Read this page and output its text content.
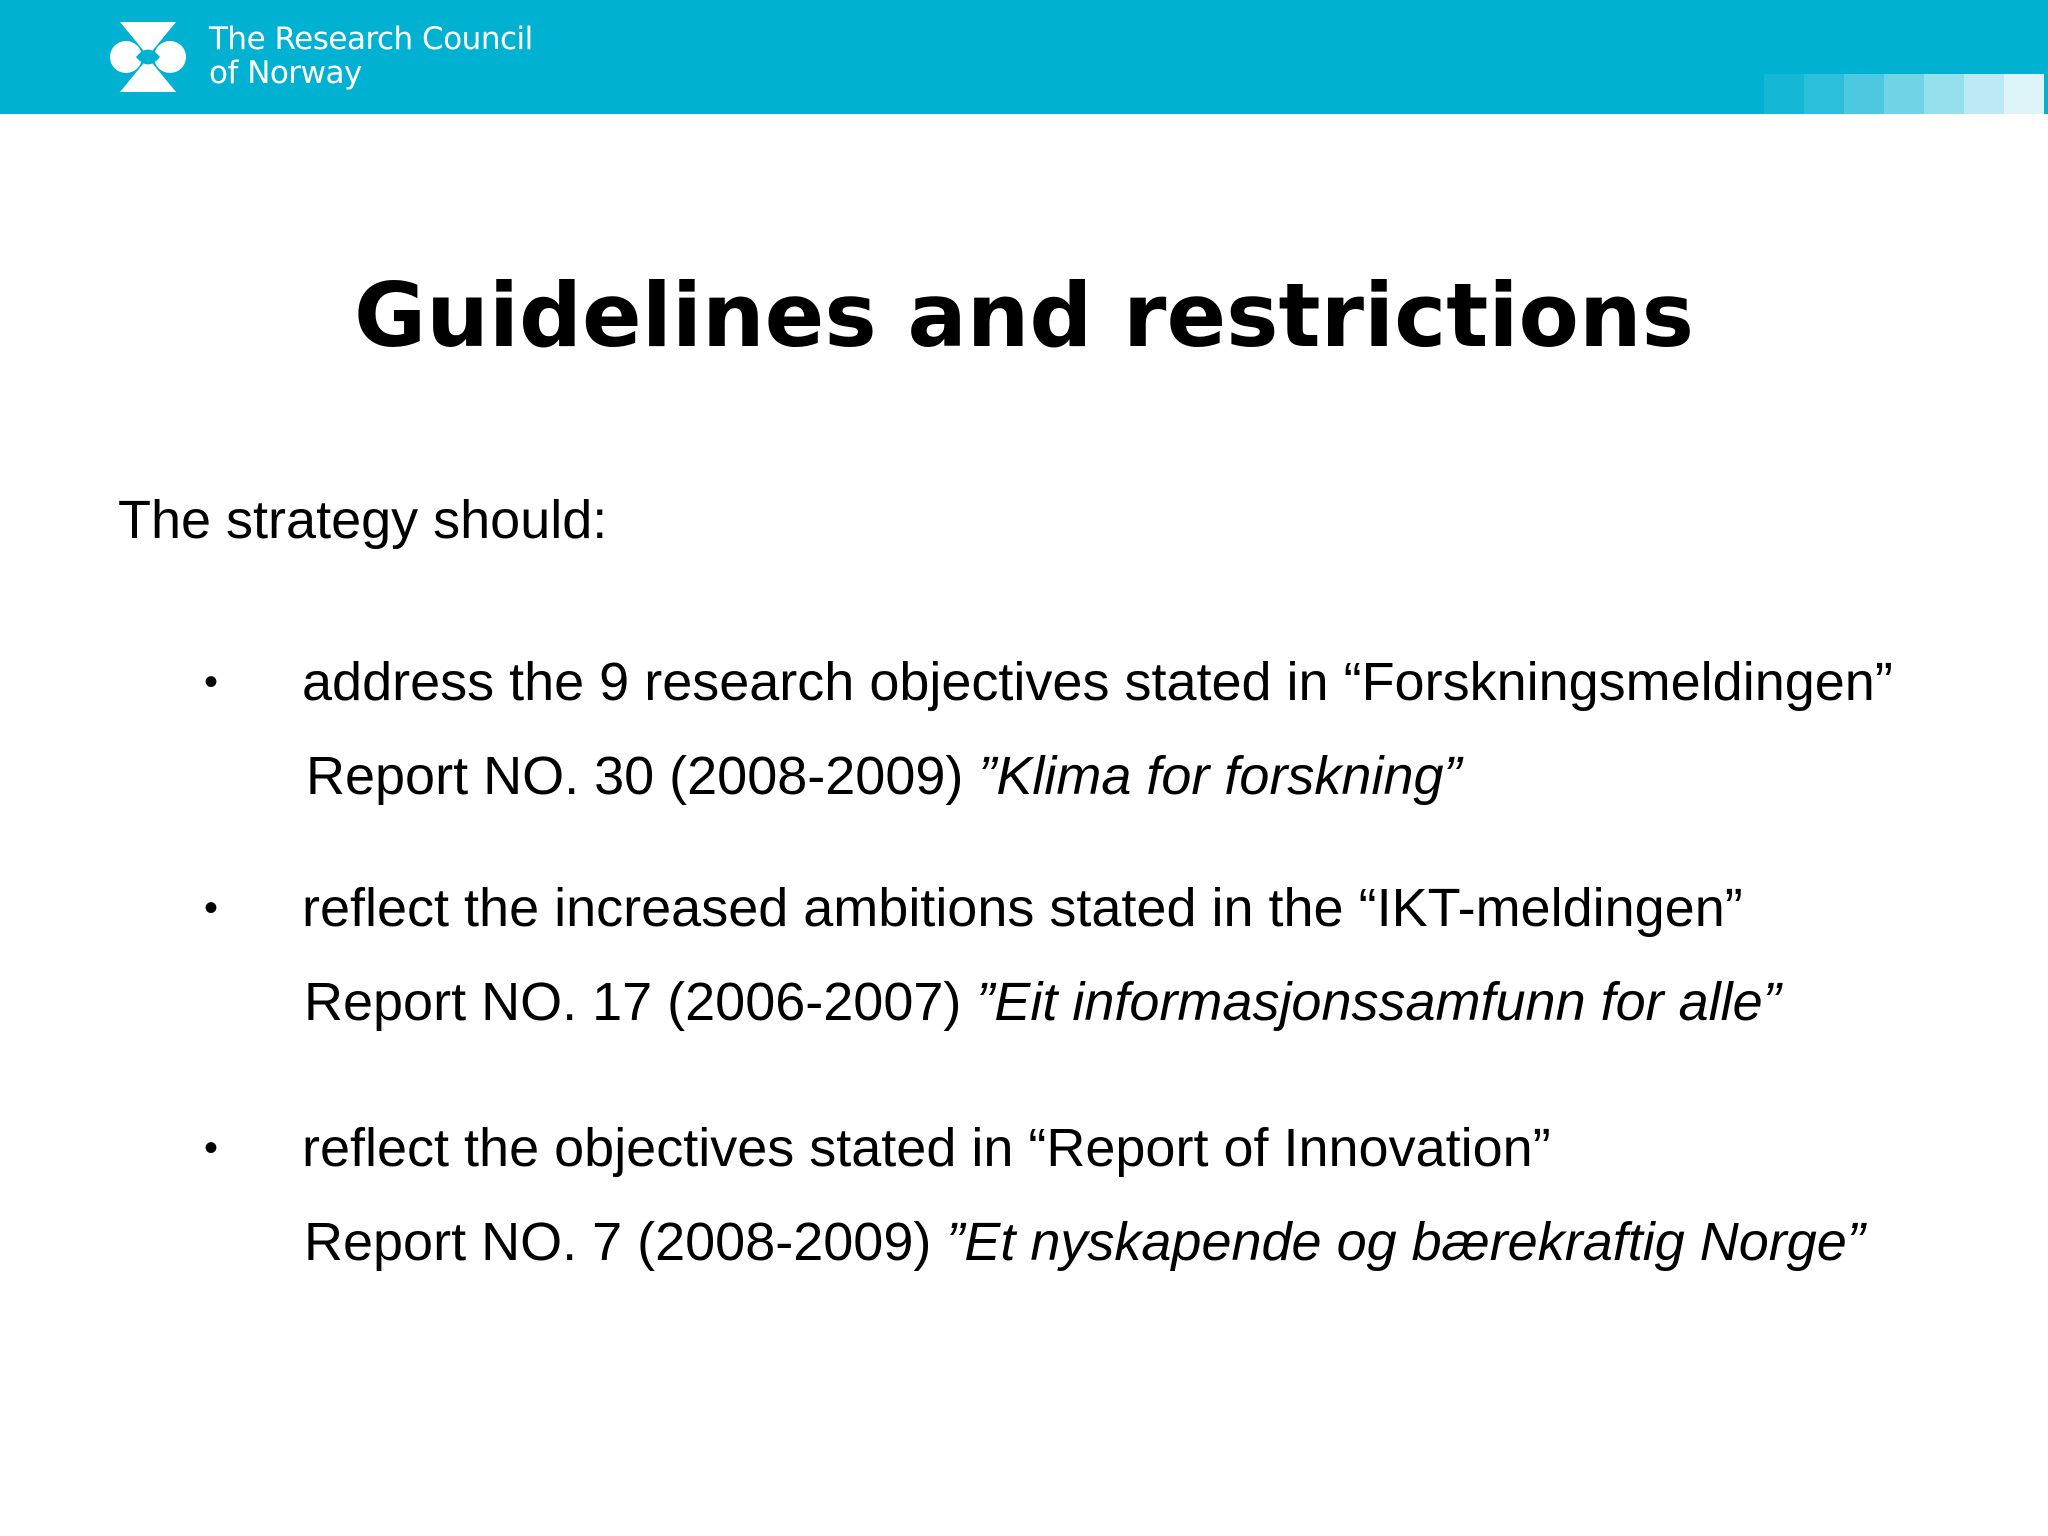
The Research Council
of Norway
Guidelines and restrictions
The strategy should:
• address the 9 research objectives stated in “Forskningsmeldingen”
Report NO. 30 (2008-2009) ”Klima for forskning”
• reflect the increased ambitions stated in the “IKT-meldingen”
Report NO. 17 (2006-2007) ”Eit informasjonssamfunn for alle”
• reflect the objectives stated in “Report of Innovation”
Report NO. 7 (2008-2009) ”Et nyskapende og bærekraftig Norge”
